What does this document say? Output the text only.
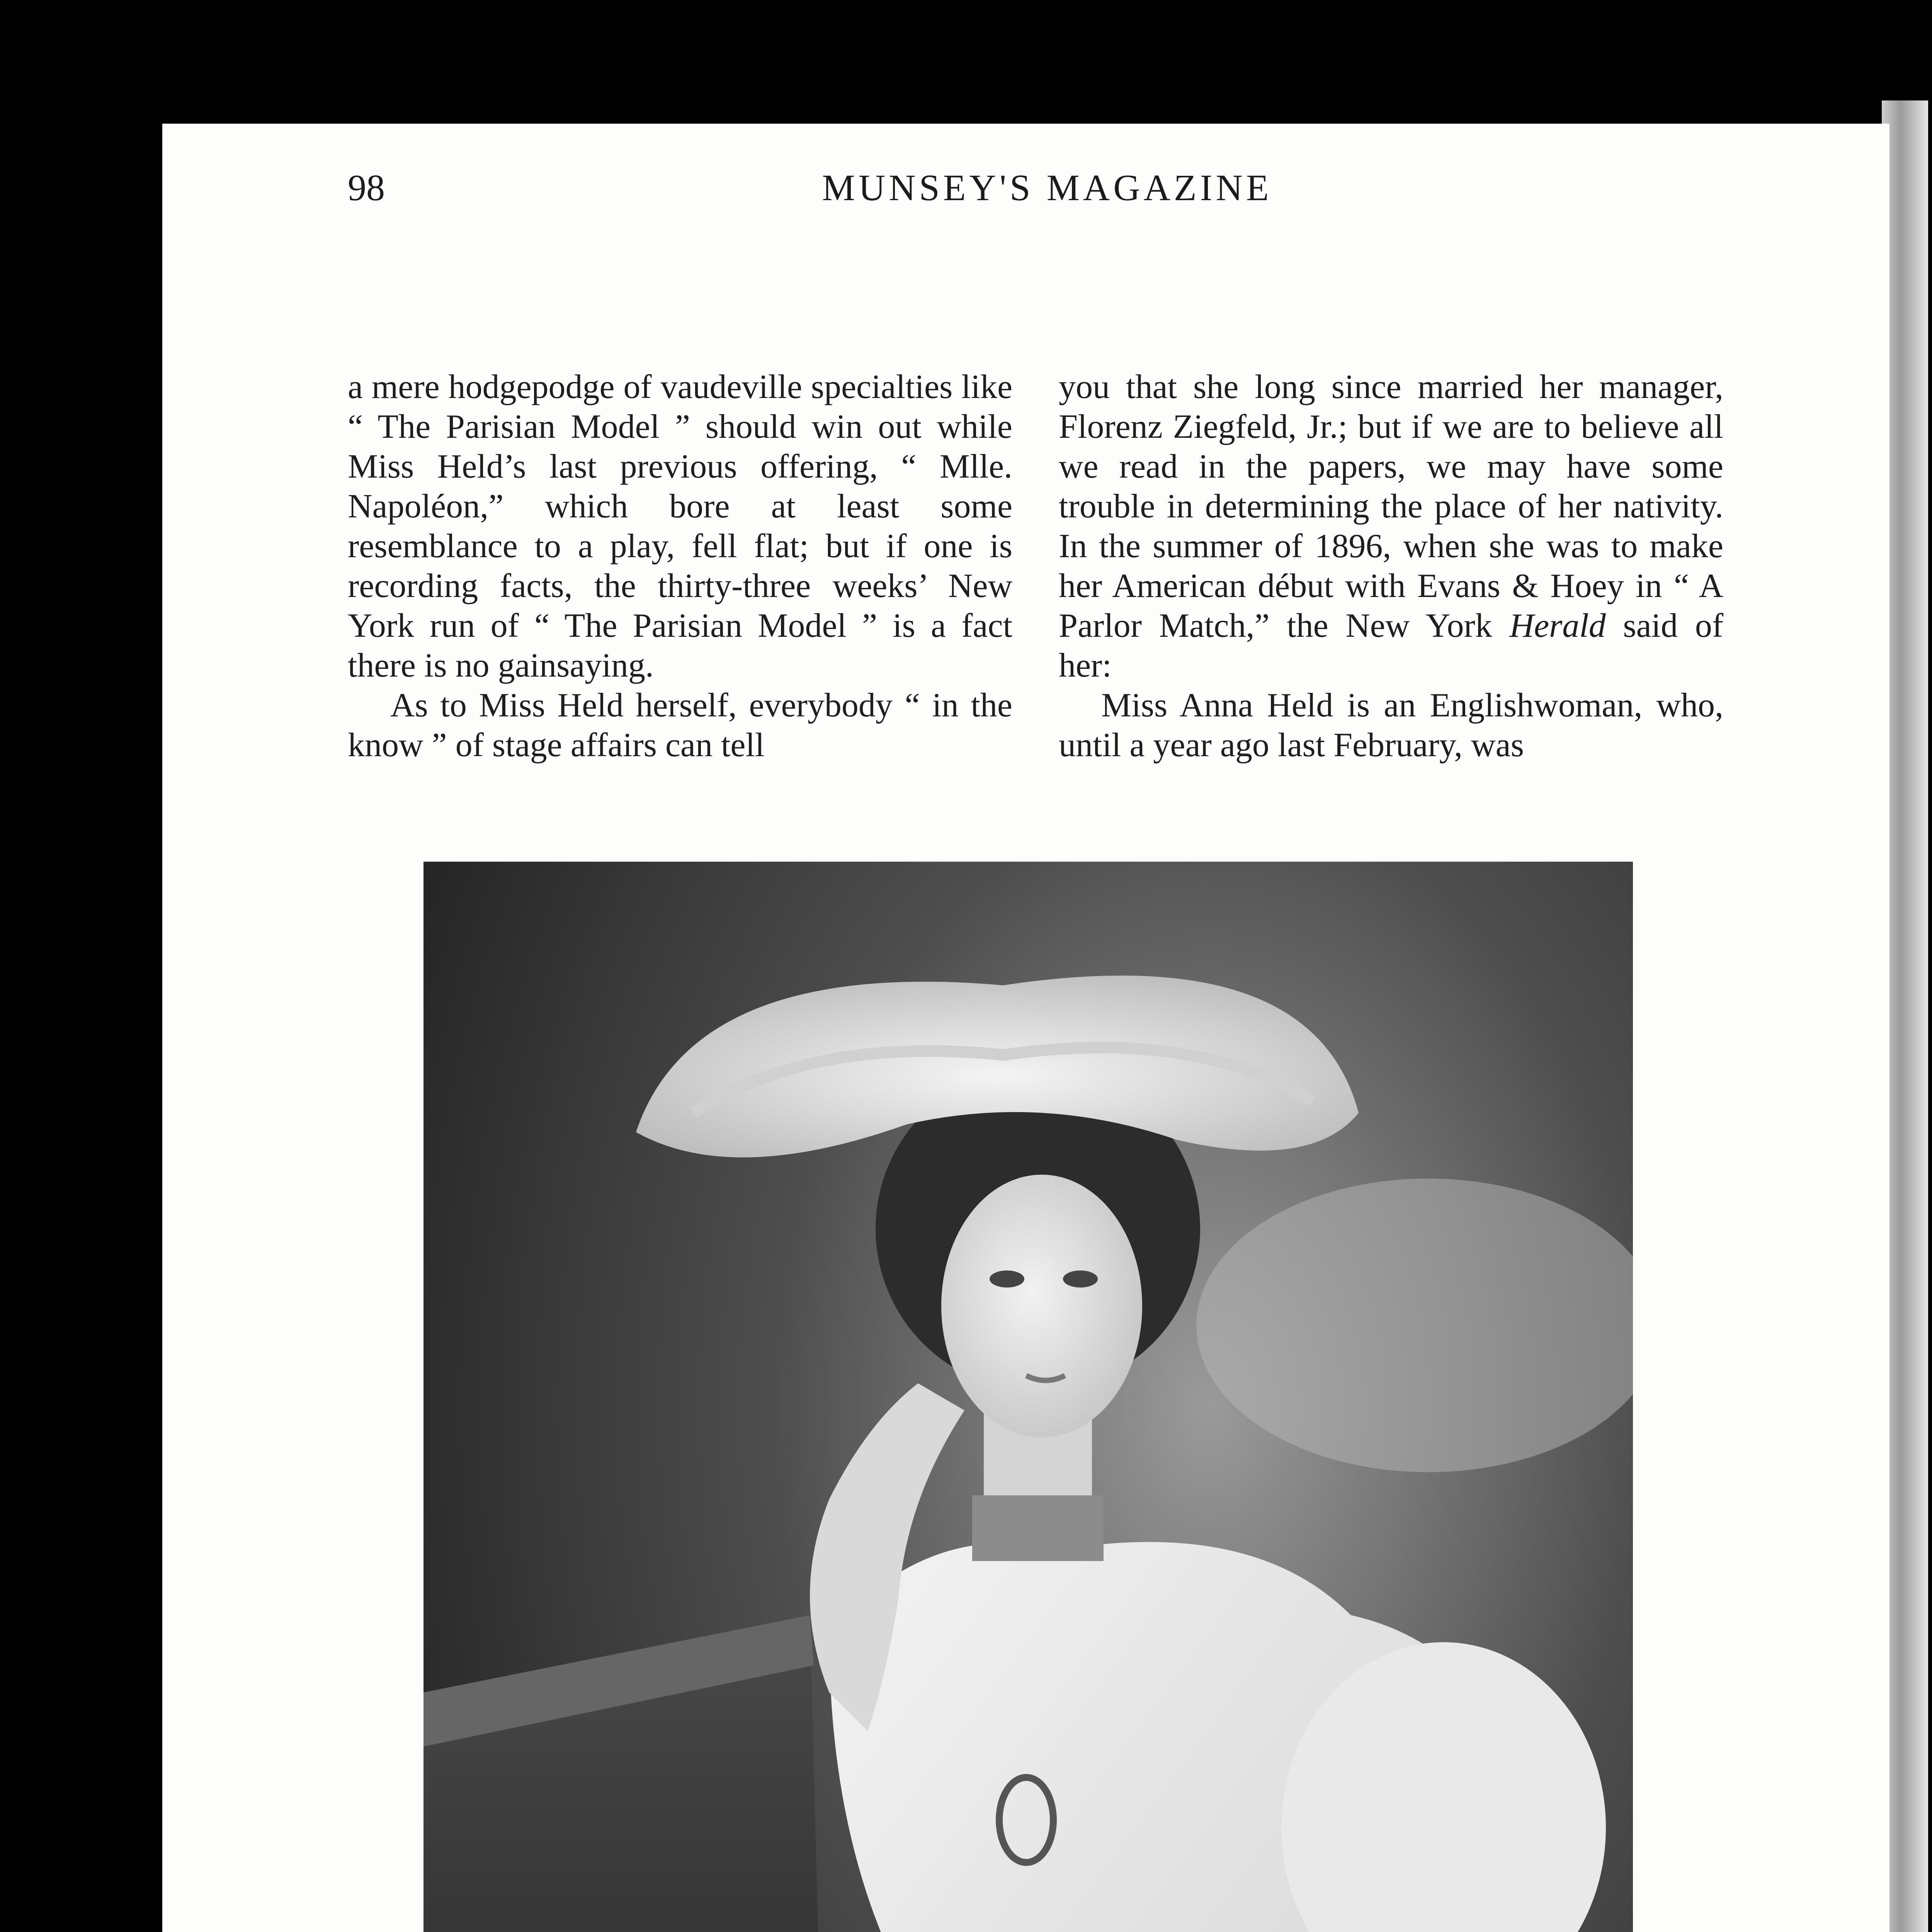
98	MUNSEY'S MAGAZINE

a mere hodgepodge of vaudeville specialties like “ The Parisian Model ” should win out while Miss Held’s last previous offering, “ Mlle. Napoléon,” which bore at least some resemblance to a play, fell flat; but if one is recording facts, the thirty-three weeks’ New York run of “ The Parisian Model ” is a fact there is no gainsaying.

As to Miss Held herself, everybody “ in the know ” of stage affairs can tell

you that she long since married her manager, Florenz Ziegfeld, Jr.; but if we are to believe all we read in the papers, we may have some trouble in determining the place of her nativity. In the summer of 1896, when she was to make her American début with Evans & Hoey in “ A Parlor Match,” the New York Herald said of her:

Miss Anna Held is an Englishwoman, who, until a year ago last February, was
